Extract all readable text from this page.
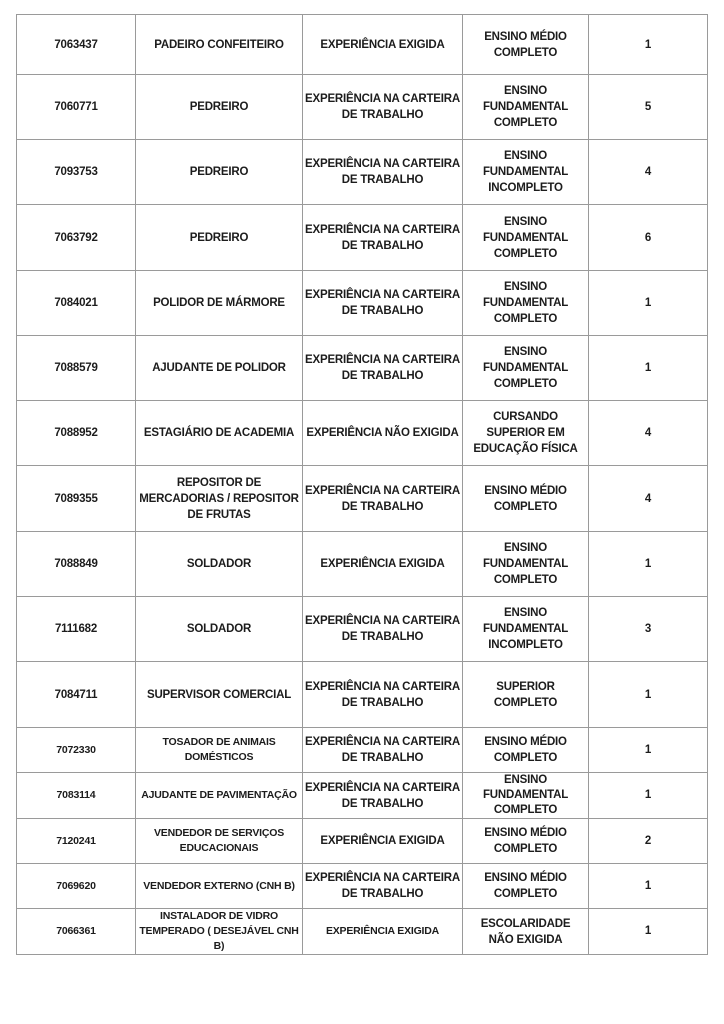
7063437	PADEIRO CONFEITEIRO	EXPERIÊNCIA EXIGIDA	ENSINO MÉDIO COMPLETO	1
7060771	PEDREIRO	EXPERIÊNCIA NA CARTEIRA DE TRABALHO	ENSINO FUNDAMENTAL COMPLETO	5
7093753	PEDREIRO	EXPERIÊNCIA NA CARTEIRA DE TRABALHO	ENSINO FUNDAMENTAL INCOMPLETO	4
7063792	PEDREIRO	EXPERIÊNCIA NA CARTEIRA DE TRABALHO	ENSINO FUNDAMENTAL COMPLETO	6
7084021	POLIDOR DE MÁRMORE	EXPERIÊNCIA NA CARTEIRA DE TRABALHO	ENSINO FUNDAMENTAL COMPLETO	1
7088579	AJUDANTE DE POLIDOR	EXPERIÊNCIA NA CARTEIRA DE TRABALHO	ENSINO FUNDAMENTAL COMPLETO	1
7088952	ESTAGIÁRIO DE ACADEMIA	EXPERIÊNCIA NÃO EXIGIDA	CURSANDO SUPERIOR EM EDUCAÇÃO FÍSICA	4
7089355	REPOSITOR DE MERCADORIAS / REPOSITOR DE FRUTAS	EXPERIÊNCIA NA CARTEIRA DE TRABALHO	ENSINO MÉDIO COMPLETO	4
7088849	SOLDADOR	EXPERIÊNCIA EXIGIDA	ENSINO FUNDAMENTAL COMPLETO	1
7111682	SOLDADOR	EXPERIÊNCIA NA CARTEIRA DE TRABALHO	ENSINO FUNDAMENTAL INCOMPLETO	3
7084711	SUPERVISOR COMERCIAL	EXPERIÊNCIA NA CARTEIRA DE TRABALHO	SUPERIOR COMPLETO	1
7072330	TOSADOR DE ANIMAIS DOMÉSTICOS	EXPERIÊNCIA NA CARTEIRA DE TRABALHO	ENSINO MÉDIO COMPLETO	1
7083114	AJUDANTE DE PAVIMENTAÇÃO	EXPERIÊNCIA NA CARTEIRA DE TRABALHO	ENSINO FUNDAMENTAL COMPLETO	1
7120241	VENDEDOR DE SERVIÇOS EDUCACIONAIS	EXPERIÊNCIA EXIGIDA	ENSINO MÉDIO COMPLETO	2
7069620	VENDEDOR EXTERNO (CNH B)	EXPERIÊNCIA NA CARTEIRA DE TRABALHO	ENSINO MÉDIO COMPLETO	1
7066361	INSTALADOR DE VIDRO TEMPERADO ( DESEJÁVEL CNH B)	EXPERIÊNCIA EXIGIDA	ESCOLARIDADE NÃO EXIGIDA	1
